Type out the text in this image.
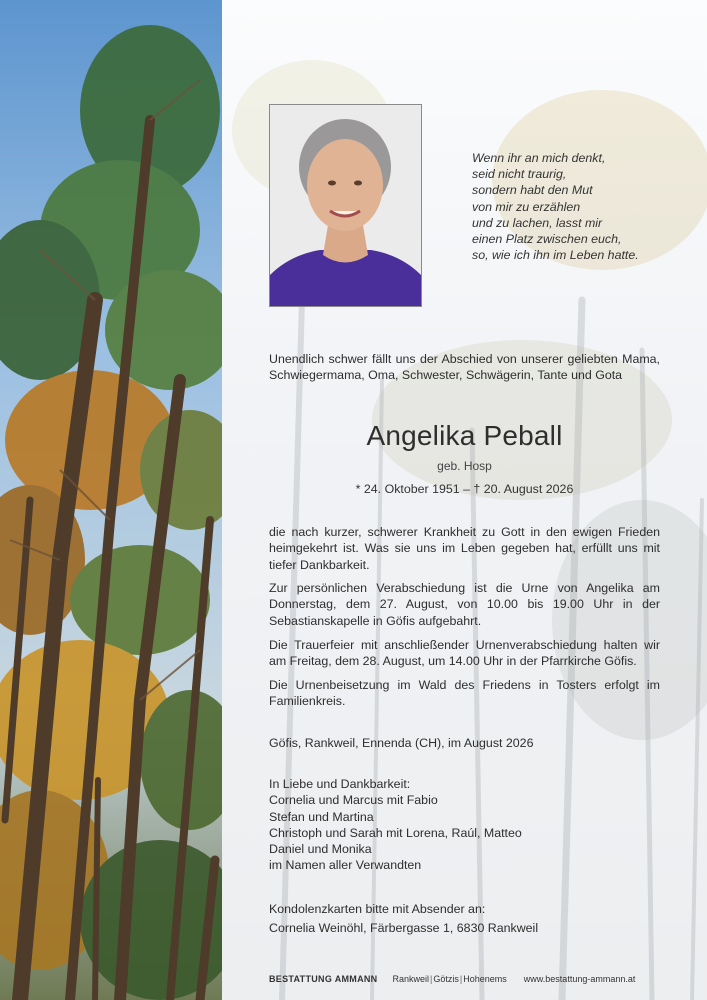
Wenn ihr an mich denkt,
seid nicht traurig,
sondern habt den Mut
von mir zu erzählen
und zu lachen, lasst mir
einen Platz zwischen euch,
so, wie ich ihn im Leben hatte.
Unendlich schwer fällt uns der Abschied von unserer geliebten Mama, Schwiegermama, Oma, Schwester, Schwägerin, Tante und Gota
Angelika Peball
geb. Hosp
* 24. Oktober 1951 – † 20. August 2026
die nach kurzer, schwerer Krankheit zu Gott in den ewigen Frieden heimgekehrt ist. Was sie uns im Leben gegeben hat, erfüllt uns mit tiefer Dankbarkeit.
Zur persönlichen Verabschiedung ist die Urne von Angelika am Donnerstag, dem 27. August, von 10.00 bis 19.00 Uhr in der Sebastianskapelle in Göfis aufgebahrt.
Die Trauerfeier mit anschließender Urnenverabschiedung halten wir am Freitag, dem 28. August, um 14.00 Uhr in der Pfarrkirche Göfis.
Die Urnenbeisetzung im Wald des Friedens in Tosters erfolgt im Familienkreis.
Göfis, Rankweil, Ennenda (CH), im August 2026
In Liebe und Dankbarkeit:
Cornelia und Marcus mit Fabio
Stefan und Martina
Christoph und Sarah mit Lorena, Raúl, Matteo
Daniel und Monika
im Namen aller Verwandten
Kondolenzkarten bitte mit Absender an:
Cornelia Weinöhl, Färbergasse 1, 6830 Rankweil
BESTATTUNG AMMANN Rankweil|Götzis|Hohenems www.bestattung-ammann.at
